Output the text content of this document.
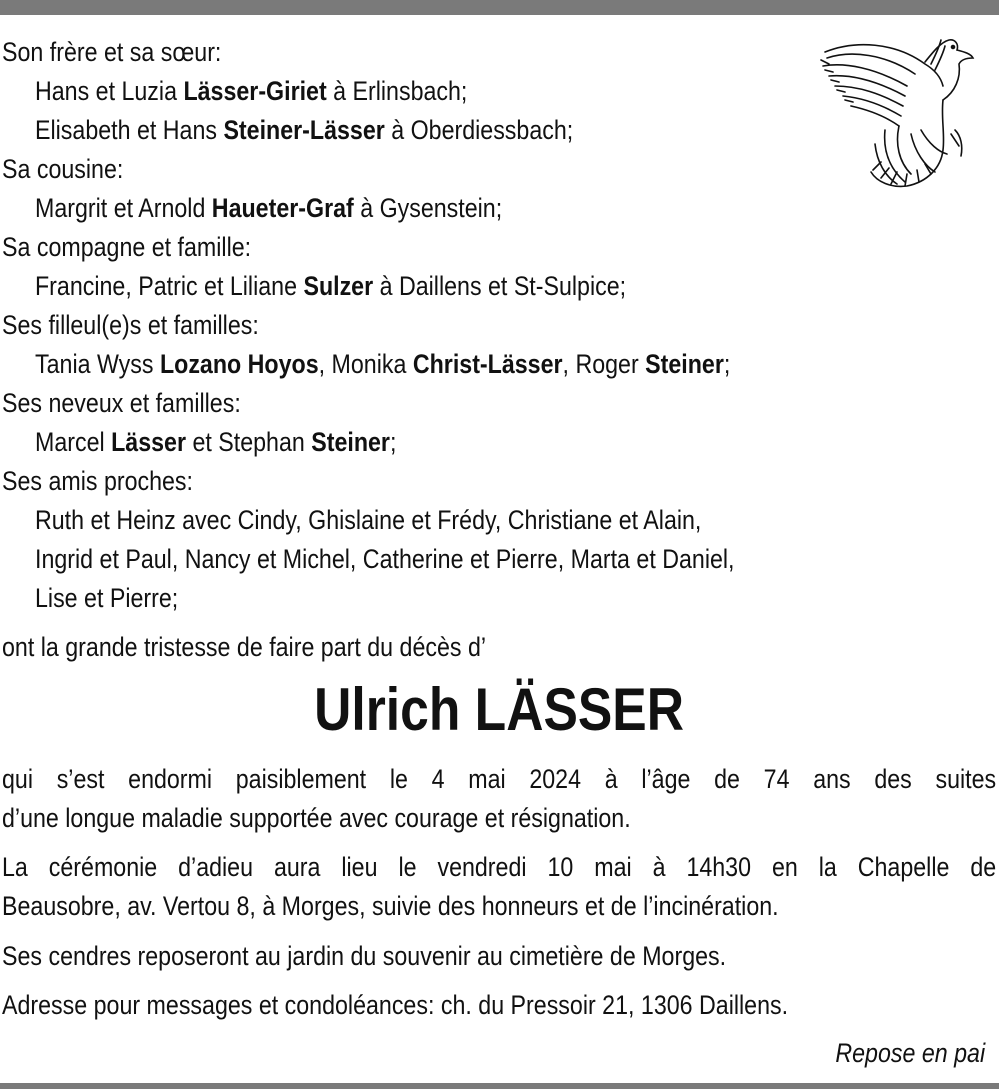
Son frère et sa sœur:
Hans et Luzia Lässer-Giriet à Erlinsbach;
Elisabeth et Hans Steiner-Lässer à Oberdiessbach;
Sa cousine:
Margrit et Arnold Haueter-Graf à Gysenstein;
Sa compagne et famille:
Francine, Patric et Liliane Sulzer à Daillens et St-Sulpice;
Ses filleul(e)s et familles:
Tania Wyss Lozano Hoyos, Monika Christ-Lässer, Roger Steiner;
Ses neveux et familles:
Marcel Lässer et Stephan Steiner;
Ses amis proches:
Ruth et Heinz avec Cindy, Ghislaine et Frédy, Christiane et Alain,
Ingrid et Paul, Nancy et Michel, Catherine et Pierre, Marta et Daniel,
Lise et Pierre;
ont la grande tristesse de faire part du décès d’
Ulrich LÄSSER
qui s’est endormi paisiblement le 4 mai 2024 à l’âge de 74 ans des suites
d’une longue maladie supportée avec courage et résignation.
La cérémonie d’adieu aura lieu le vendredi 10 mai à 14h30 en la Chapelle de
Beausobre, av. Vertou 8, à Morges, suivie des honneurs et de l’incinération.
Ses cendres reposeront au jardin du souvenir au cimetière de Morges.
Adresse pour messages et condoléances: ch. du Pressoir 21, 1306 Daillens.
Repose en pai
